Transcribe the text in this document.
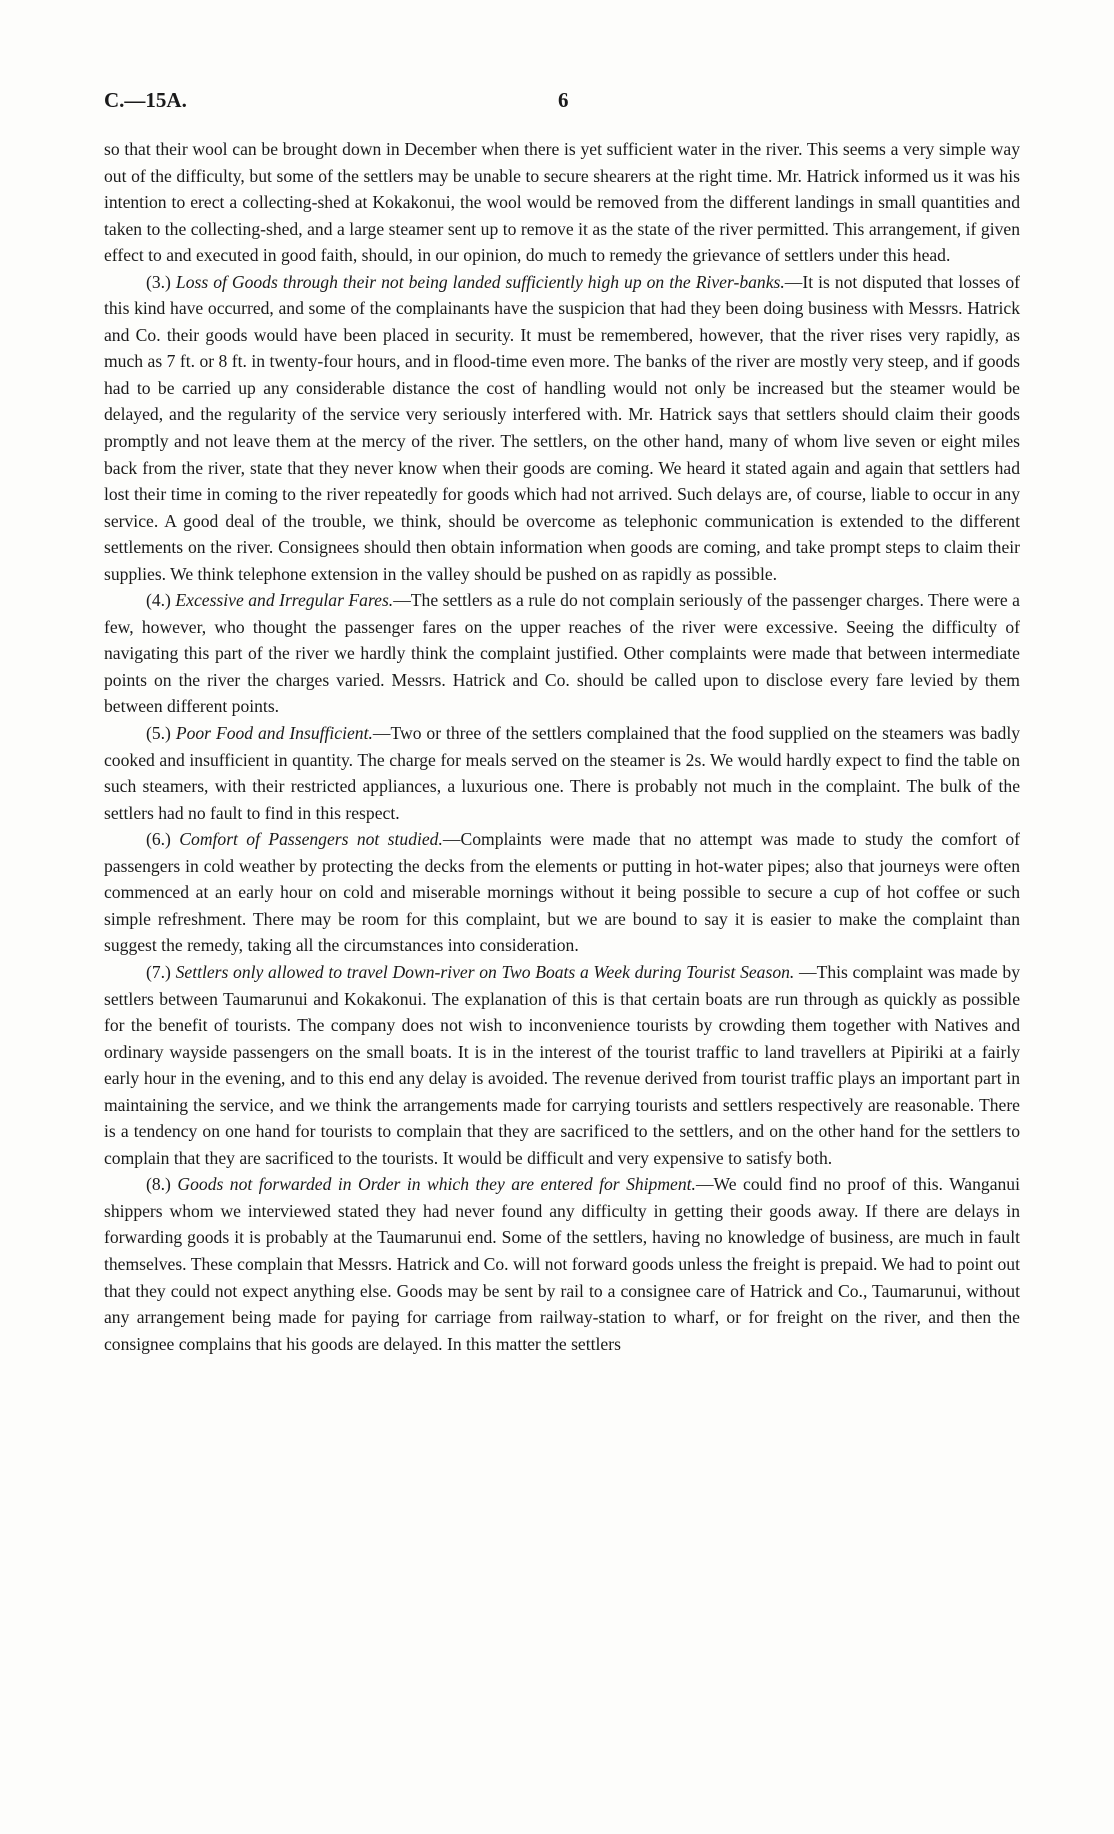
C.—15A.	6

so that their wool can be brought down in December when there is yet sufficient water in the river. This seems a very simple way out of the difficulty, but some of the settlers may be unable to secure shearers at the right time. Mr. Hatrick informed us it was his intention to erect a collecting-shed at Kokakonui, the wool would be removed from the different landings in small quantities and taken to the collecting-shed, and a large steamer sent up to remove it as the state of the river permitted. This arrangement, if given effect to and executed in good faith, should, in our opinion, do much to remedy the grievance of settlers under this head.

(3.) Loss of Goods through their not being landed sufficiently high up on the River-banks.—It is not disputed that losses of this kind have occurred, and some of the complainants have the suspicion that had they been doing business with Messrs. Hatrick and Co. their goods would have been placed in security. It must be remembered, however, that the river rises very rapidly, as much as 7 ft. or 8 ft. in twenty-four hours, and in flood-time even more. The banks of the river are mostly very steep, and if goods had to be carried up any considerable distance the cost of handling would not only be increased but the steamer would be delayed, and the regularity of the service very seriously interfered with. Mr. Hatrick says that settlers should claim their goods promptly and not leave them at the mercy of the river. The settlers, on the other hand, many of whom live seven or eight miles back from the river, state that they never know when their goods are coming. We heard it stated again and again that settlers had lost their time in coming to the river repeatedly for goods which had not arrived. Such delays are, of course, liable to occur in any service. A good deal of the trouble, we think, should be overcome as telephonic communication is extended to the different settlements on the river. Consignees should then obtain information when goods are coming, and take prompt steps to claim their supplies. We think telephone extension in the valley should be pushed on as rapidly as possible.

(4.) Excessive and Irregular Fares.—The settlers as a rule do not complain seriously of the passenger charges. There were a few, however, who thought the passenger fares on the upper reaches of the river were excessive. Seeing the difficulty of navigating this part of the river we hardly think the complaint justified. Other complaints were made that between intermediate points on the river the charges varied. Messrs. Hatrick and Co. should be called upon to disclose every fare levied by them between different points.

(5.) Poor Food and Insufficient.—Two or three of the settlers complained that the food supplied on the steamers was badly cooked and insufficient in quantity. The charge for meals served on the steamer is 2s. We would hardly expect to find the table on such steamers, with their restricted appliances, a luxurious one. There is probably not much in the complaint. The bulk of the settlers had no fault to find in this respect.

(6.) Comfort of Passengers not studied.—Complaints were made that no attempt was made to study the comfort of passengers in cold weather by protecting the decks from the elements or putting in hot-water pipes; also that journeys were often commenced at an early hour on cold and miserable mornings without it being possible to secure a cup of hot coffee or such simple refreshment. There may be room for this complaint, but we are bound to say it is easier to make the complaint than suggest the remedy, taking all the circumstances into consideration.

(7.) Settlers only allowed to travel Down-river on Two Boats a Week during Tourist Season. —This complaint was made by settlers between Taumarunui and Kokakonui. The explanation of this is that certain boats are run through as quickly as possible for the benefit of tourists. The company does not wish to inconvenience tourists by crowding them together with Natives and ordinary wayside passengers on the small boats. It is in the interest of the tourist traffic to land travellers at Pipiriki at a fairly early hour in the evening, and to this end any delay is avoided. The revenue derived from tourist traffic plays an important part in maintaining the service, and we think the arrangements made for carrying tourists and settlers respectively are reasonable. There is a tendency on one hand for tourists to complain that they are sacrificed to the settlers, and on the other hand for the settlers to complain that they are sacrificed to the tourists. It would be difficult and very expensive to satisfy both.

(8.) Goods not forwarded in Order in which they are entered for Shipment.—We could find no proof of this. Wanganui shippers whom we interviewed stated they had never found any difficulty in getting their goods away. If there are delays in forwarding goods it is probably at the Taumarunui end. Some of the settlers, having no knowledge of business, are much in fault themselves. These complain that Messrs. Hatrick and Co. will not forward goods unless the freight is prepaid. We had to point out that they could not expect anything else. Goods may be sent by rail to a consignee care of Hatrick and Co., Taumarunui, without any arrangement being made for paying for carriage from railway-station to wharf, or for freight on the river, and then the consignee complains that his goods are delayed. In this matter the settlers
